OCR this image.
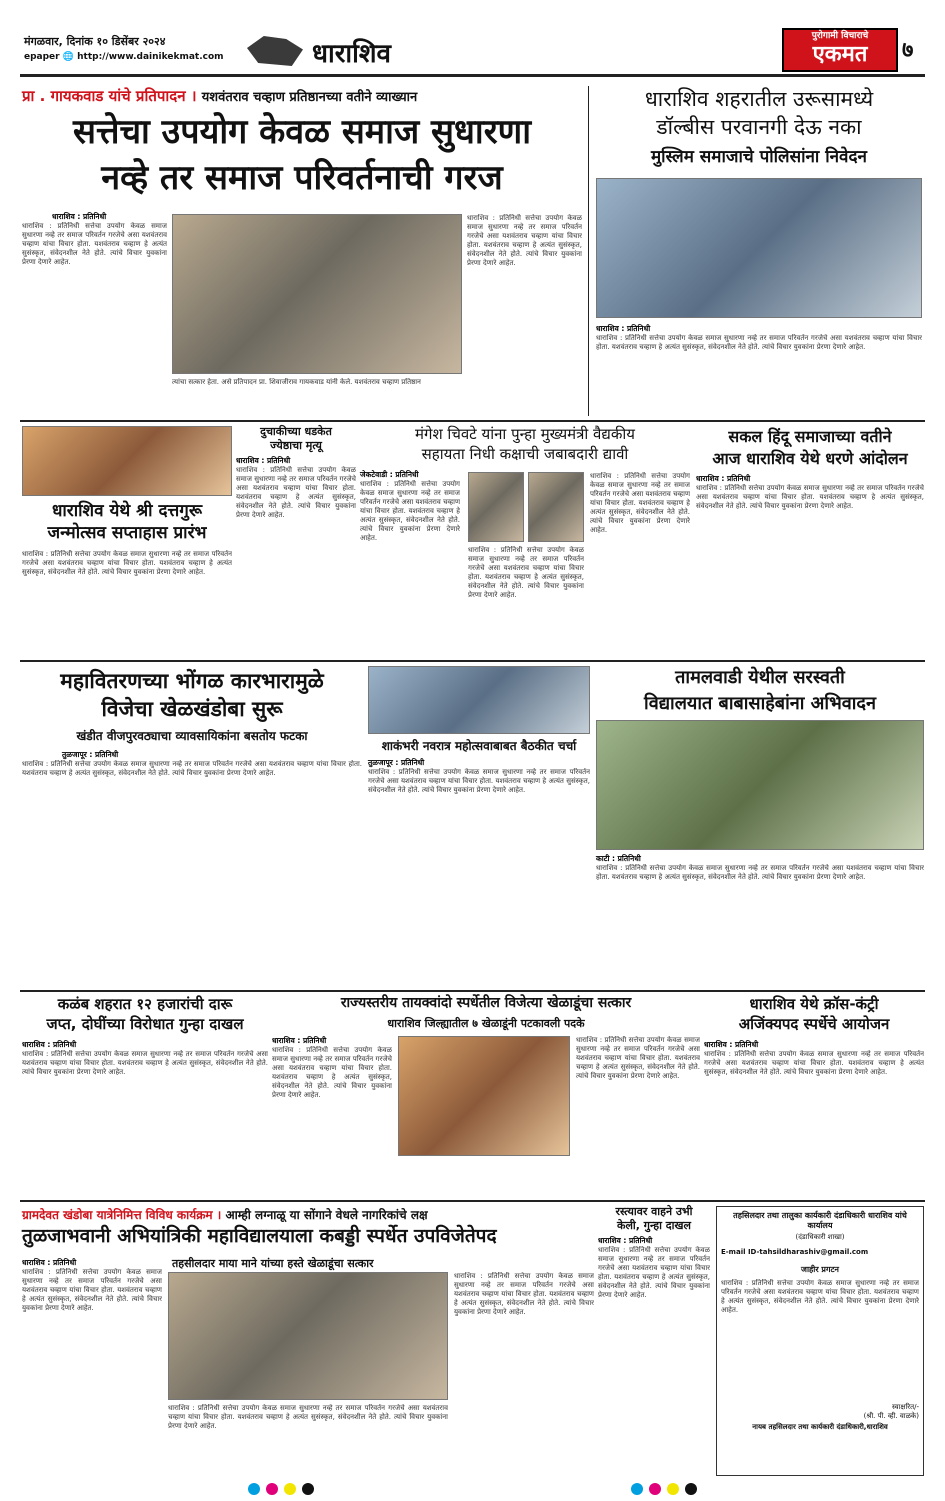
मंगळवार, दिनांक १० डिसेंबर २०२४
epaper 🌐 http://www.dainikekmat.com	धाराशिव
पुरोगामी विचाराचे
एकमत	७
प्रा . गायकवाड यांचे प्रतिपादन । यशवंतराव चव्हाण प्रतिष्ठानच्या वतीने व्याख्यान
सत्तेचा उपयोग केवळ समाज सुधारणा
नव्हे तर समाज परिवर्तनाची गरज
धाराशिव : प्रतिनिधी
धाराशिव : प्रतिनिधी सत्तेचा उपयोग केवळ समाज सुधारणा नव्हे तर समाज परिवर्तन गरजेचे असा यशवंतराव चव्हाण यांचा विचार होता. यशवंतराव चव्हाण हे अत्यंत सुसंस्कृत, संवेदनशील नेते होते. त्यांचे विचार युवकांना प्रेरणा देणारे आहेत.
त्यांचा सत्कार हेता. असे प्रतिपादन प्रा. शिवाजीराव गायकवाड यांनी केले. यशवंतराव चव्हाण प्रतिष्ठान
धाराशिव : प्रतिनिधी सत्तेचा उपयोग केवळ समाज सुधारणा नव्हे तर समाज परिवर्तन गरजेचे असा यशवंतराव चव्हाण यांचा विचार होता. यशवंतराव चव्हाण हे अत्यंत सुसंस्कृत, संवेदनशील नेते होते. त्यांचे विचार युवकांना प्रेरणा देणारे आहेत.
धाराशिव शहरातील उरूसामध्ये
डॉल्बीस परवानगी देऊ नका
मुस्लिम समाजाचे पोलिसांना निवेदन
धाराशिव : प्रतिनिधी
धाराशिव : प्रतिनिधी सत्तेचा उपयोग केवळ समाज सुधारणा नव्हे तर समाज परिवर्तन गरजेचे असा यशवंतराव चव्हाण यांचा विचार होता. यशवंतराव चव्हाण हे अत्यंत सुसंस्कृत, संवेदनशील नेते होते. त्यांचे विचार युवकांना प्रेरणा देणारे आहेत.
धाराशिव येथे श्री दत्तगुरू
जन्मोत्सव सप्ताहास प्रारंभ
धाराशिव : प्रतिनिधी सत्तेचा उपयोग केवळ समाज सुधारणा नव्हे तर समाज परिवर्तन गरजेचे असा यशवंतराव चव्हाण यांचा विचार होता. यशवंतराव चव्हाण हे अत्यंत सुसंस्कृत, संवेदनशील नेते होते. त्यांचे विचार युवकांना प्रेरणा देणारे आहेत.
दुचाकीच्या धडकेत
ज्येष्ठाचा मृत्यू
धाराशिव : प्रतिनिधी
धाराशिव : प्रतिनिधी सत्तेचा उपयोग केवळ समाज सुधारणा नव्हे तर समाज परिवर्तन गरजेचे असा यशवंतराव चव्हाण यांचा विचार होता. यशवंतराव चव्हाण हे अत्यंत सुसंस्कृत, संवेदनशील नेते होते. त्यांचे विचार युवकांना प्रेरणा देणारे आहेत.
मंगेश चिवटे यांना पुन्हा मुख्यमंत्री वैद्यकीय
सहायता निधी कक्षाची जबाबदारी द्यावी
जेकटेवाडी : प्रतिनिधी
धाराशिव : प्रतिनिधी सत्तेचा उपयोग केवळ समाज सुधारणा नव्हे तर समाज परिवर्तन गरजेचे असा यशवंतराव चव्हाण यांचा विचार होता. यशवंतराव चव्हाण हे अत्यंत सुसंस्कृत, संवेदनशील नेते होते. त्यांचे विचार युवकांना प्रेरणा देणारे आहेत.
धाराशिव : प्रतिनिधी सत्तेचा उपयोग केवळ समाज सुधारणा नव्हे तर समाज परिवर्तन गरजेचे असा यशवंतराव चव्हाण यांचा विचार होता. यशवंतराव चव्हाण हे अत्यंत सुसंस्कृत, संवेदनशील नेते होते. त्यांचे विचार युवकांना प्रेरणा देणारे आहेत.
धाराशिव : प्रतिनिधी सत्तेचा उपयोग केवळ समाज सुधारणा नव्हे तर समाज परिवर्तन गरजेचे असा यशवंतराव चव्हाण यांचा विचार होता. यशवंतराव चव्हाण हे अत्यंत सुसंस्कृत, संवेदनशील नेते होते. त्यांचे विचार युवकांना प्रेरणा देणारे आहेत.
सकल हिंदू समाजाच्या वतीने
आज धाराशिव येथे धरणे आंदोलन
धाराशिव : प्रतिनिधी
धाराशिव : प्रतिनिधी सत्तेचा उपयोग केवळ समाज सुधारणा नव्हे तर समाज परिवर्तन गरजेचे असा यशवंतराव चव्हाण यांचा विचार होता. यशवंतराव चव्हाण हे अत्यंत सुसंस्कृत, संवेदनशील नेते होते. त्यांचे विचार युवकांना प्रेरणा देणारे आहेत.
महावितरणच्या भोंगळ कारभारामुळे
विजेचा खेळखंडोबा सुरू
खंडीत वीजपुरवठ्याचा व्यावसायिकांना बसतोय फटका
तुळजापूर : प्रतिनिधी
धाराशिव : प्रतिनिधी सत्तेचा उपयोग केवळ समाज सुधारणा नव्हे तर समाज परिवर्तन गरजेचे असा यशवंतराव चव्हाण यांचा विचार होता. यशवंतराव चव्हाण हे अत्यंत सुसंस्कृत, संवेदनशील नेते होते. त्यांचे विचार युवकांना प्रेरणा देणारे आहेत.
शाकंभरी नवरात्र महोत्सवाबाबत बैठकीत चर्चा
तुळजापूर : प्रतिनिधी
धाराशिव : प्रतिनिधी सत्तेचा उपयोग केवळ समाज सुधारणा नव्हे तर समाज परिवर्तन गरजेचे असा यशवंतराव चव्हाण यांचा विचार होता. यशवंतराव चव्हाण हे अत्यंत सुसंस्कृत, संवेदनशील नेते होते. त्यांचे विचार युवकांना प्रेरणा देणारे आहेत.
तामलवाडी येथील सरस्वती
विद्यालयात बाबासाहेबांना अभिवादन
काटी : प्रतिनिधी
धाराशिव : प्रतिनिधी सत्तेचा उपयोग केवळ समाज सुधारणा नव्हे तर समाज परिवर्तन गरजेचे असा यशवंतराव चव्हाण यांचा विचार होता. यशवंतराव चव्हाण हे अत्यंत सुसंस्कृत, संवेदनशील नेते होते. त्यांचे विचार युवकांना प्रेरणा देणारे आहेत.
कळंब शहरात १२ हजारांची दारू
जप्त, दोघींच्या विरोधात गुन्हा दाखल
धाराशिव : प्रतिनिधी
धाराशिव : प्रतिनिधी सत्तेचा उपयोग केवळ समाज सुधारणा नव्हे तर समाज परिवर्तन गरजेचे असा यशवंतराव चव्हाण यांचा विचार होता. यशवंतराव चव्हाण हे अत्यंत सुसंस्कृत, संवेदनशील नेते होते. त्यांचे विचार युवकांना प्रेरणा देणारे आहेत.
राज्यस्तरीय तायक्वांदो स्पर्धेतील विजेत्या खेळाडूंचा सत्कार
धाराशिव जिल्ह्यातील ७ खेळाडूंनी पटकावली पदके
धाराशिव : प्रतिनिधी
धाराशिव : प्रतिनिधी सत्तेचा उपयोग केवळ समाज सुधारणा नव्हे तर समाज परिवर्तन गरजेचे असा यशवंतराव चव्हाण यांचा विचार होता. यशवंतराव चव्हाण हे अत्यंत सुसंस्कृत, संवेदनशील नेते होते. त्यांचे विचार युवकांना प्रेरणा देणारे आहेत.
धाराशिव : प्रतिनिधी सत्तेचा उपयोग केवळ समाज सुधारणा नव्हे तर समाज परिवर्तन गरजेचे असा यशवंतराव चव्हाण यांचा विचार होता. यशवंतराव चव्हाण हे अत्यंत सुसंस्कृत, संवेदनशील नेते होते. त्यांचे विचार युवकांना प्रेरणा देणारे आहेत.
धाराशिव येथे क्रॉस-कंट्री
अजिंक्यपद स्पर्धेचे आयोजन
धाराशिव : प्रतिनिधी
धाराशिव : प्रतिनिधी सत्तेचा उपयोग केवळ समाज सुधारणा नव्हे तर समाज परिवर्तन गरजेचे असा यशवंतराव चव्हाण यांचा विचार होता. यशवंतराव चव्हाण हे अत्यंत सुसंस्कृत, संवेदनशील नेते होते. त्यांचे विचार युवकांना प्रेरणा देणारे आहेत.
ग्रामदेवत खंडोबा यात्रेनिमित्त विविध कार्यक्रम । आम्ही लग्नाळू या सोंगाने वेधले नागरिकांचे लक्ष
तुळजाभवानी अभियांत्रिकी महाविद्यालयाला कबड्डी स्पर्धेत उपविजेतेपद
तहसीलदार माया माने यांच्या हस्ते खेळाडूंचा सत्कार
धाराशिव : प्रतिनिधी
धाराशिव : प्रतिनिधी सत्तेचा उपयोग केवळ समाज सुधारणा नव्हे तर समाज परिवर्तन गरजेचे असा यशवंतराव चव्हाण यांचा विचार होता. यशवंतराव चव्हाण हे अत्यंत सुसंस्कृत, संवेदनशील नेते होते. त्यांचे विचार युवकांना प्रेरणा देणारे आहेत.
धाराशिव : प्रतिनिधी सत्तेचा उपयोग केवळ समाज सुधारणा नव्हे तर समाज परिवर्तन गरजेचे असा यशवंतराव चव्हाण यांचा विचार होता. यशवंतराव चव्हाण हे अत्यंत सुसंस्कृत, संवेदनशील नेते होते. त्यांचे विचार युवकांना प्रेरणा देणारे आहेत.
धाराशिव : प्रतिनिधी सत्तेचा उपयोग केवळ समाज सुधारणा नव्हे तर समाज परिवर्तन गरजेचे असा यशवंतराव चव्हाण यांचा विचार होता. यशवंतराव चव्हाण हे अत्यंत सुसंस्कृत, संवेदनशील नेते होते. त्यांचे विचार युवकांना प्रेरणा देणारे आहेत.
रस्त्यावर वाहने उभी
केली, गुन्हा दाखल
धाराशिव : प्रतिनिधी
धाराशिव : प्रतिनिधी सत्तेचा उपयोग केवळ समाज सुधारणा नव्हे तर समाज परिवर्तन गरजेचे असा यशवंतराव चव्हाण यांचा विचार होता. यशवंतराव चव्हाण हे अत्यंत सुसंस्कृत, संवेदनशील नेते होते. त्यांचे विचार युवकांना प्रेरणा देणारे आहेत.
तहसिलदार तथा तालुका कार्यकारी दंडाधिकारी धाराशिव यांचे कार्यालय
(दंडाधिकारी शाखा)
E-mail ID-tahsildharashiv@gmail.com
जाहीर प्रगटन
धाराशिव : प्रतिनिधी सत्तेचा उपयोग केवळ समाज सुधारणा नव्हे तर समाज परिवर्तन गरजेचे असा यशवंतराव चव्हाण यांचा विचार होता. यशवंतराव चव्हाण हे अत्यंत सुसंस्कृत, संवेदनशील नेते होते. त्यांचे विचार युवकांना प्रेरणा देणारे आहेत.
स्वाक्षरित/-
(श्री. पी. व्ही. वाळके)
नायब तहसिलदार तथा कार्यकारी दंडाधिकारी,धाराशिव
